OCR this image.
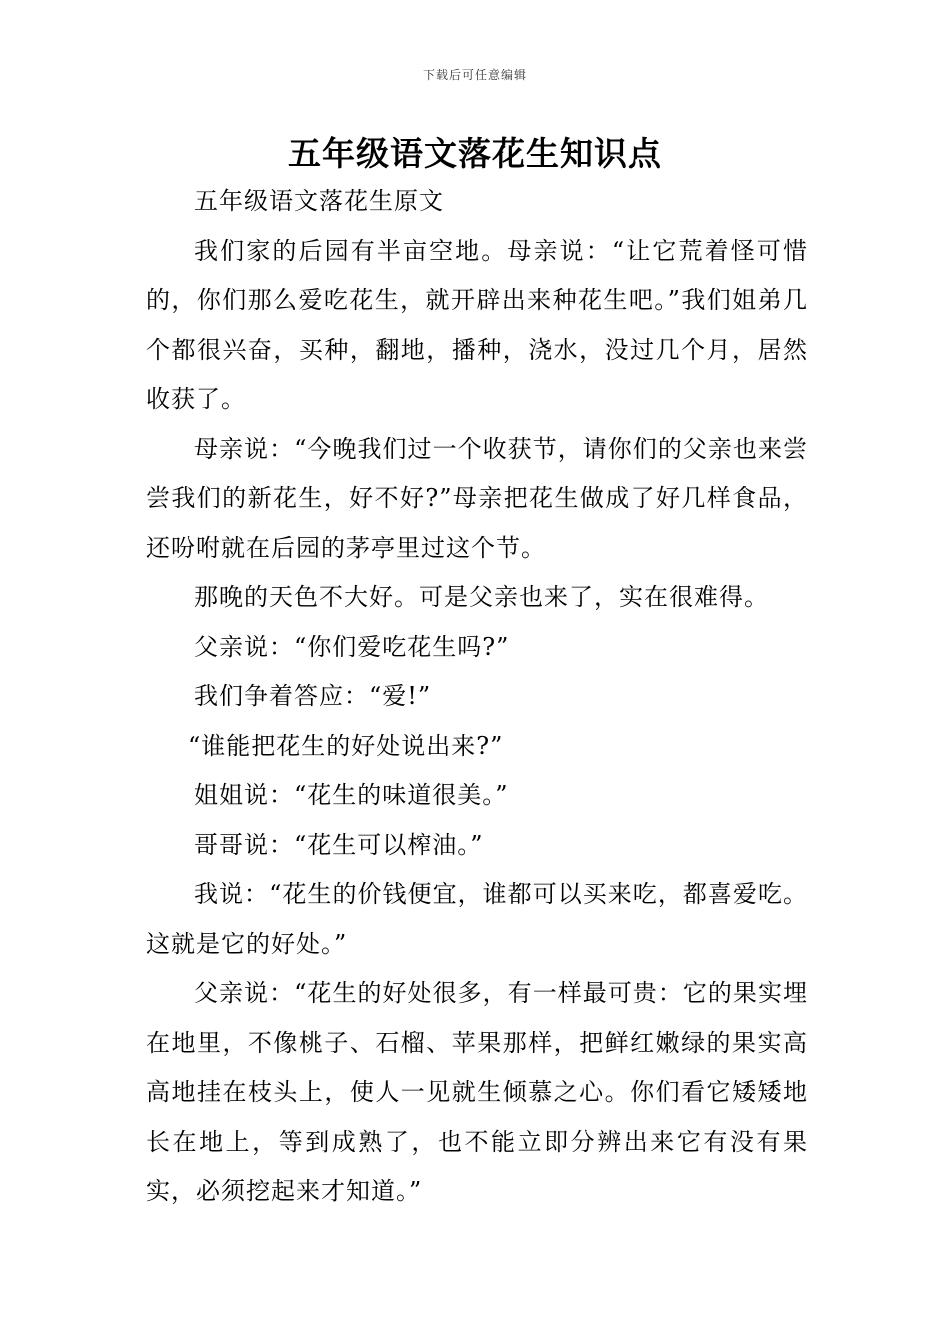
下载后可任意编辑
五年级语文落花生知识点

五年级语文落花生原文

我们家的后园有半亩空地。母亲说：“让它荒着怪可惜的，你们那么爱吃花生，就开辟出来种花生吧。”我们姐弟几个都很兴奋，买种，翻地，播种，浇水，没过几个月，居然收获了。

母亲说：“今晚我们过一个收获节，请你们的父亲也来尝尝我们的新花生，好不好?”母亲把花生做成了好几样食品，还吩咐就在后园的茅亭里过这个节。

那晚的天色不大好。可是父亲也来了，实在很难得。

父亲说：“你们爱吃花生吗?”

我们争着答应：“爱!”

“谁能把花生的好处说出来?”

姐姐说：“花生的味道很美。”

哥哥说：“花生可以榨油。”

我说：“花生的价钱便宜，谁都可以买来吃，都喜爱吃。这就是它的好处。”

父亲说：“花生的好处很多，有一样最可贵：它的果实埋在地里，不像桃子、石榴、苹果那样，把鲜红嫩绿的果实高高地挂在枝头上，使人一见就生倾慕之心。你们看它矮矮地长在地上，等到成熟了，也不能立即分辨出来它有没有果实，必须挖起来才知道。”
